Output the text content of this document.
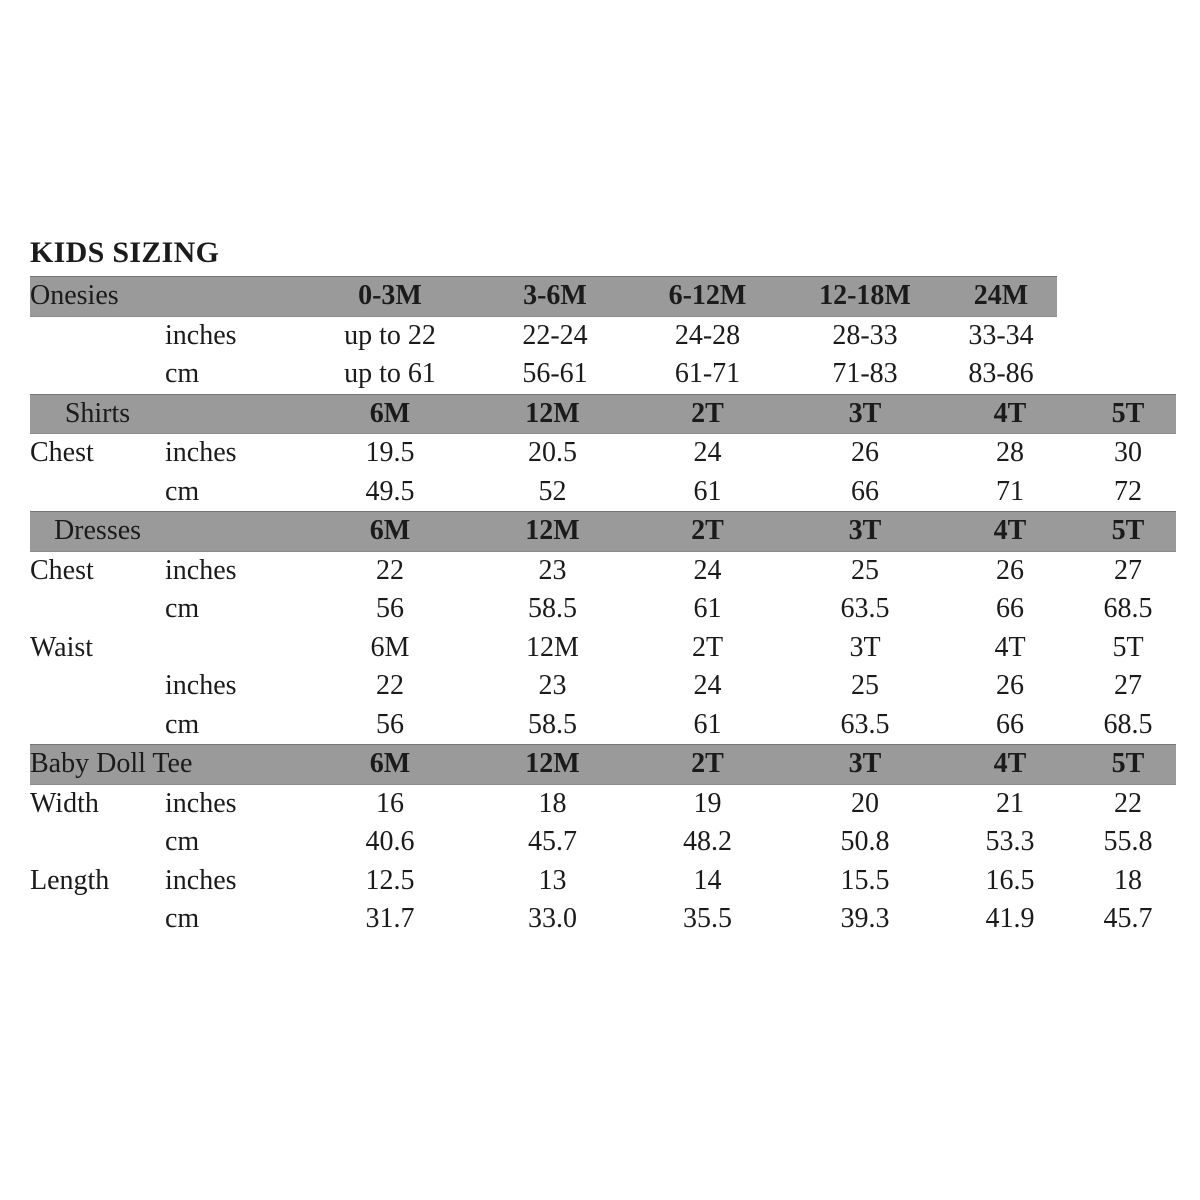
KIDS SIZING
Onesies		0-3M	3-6M	6-12M	12-18M	24M
	inches	up to 22	22-24	24-28	28-33	33-34
	cm	up to 61	56-61	61-71	71-83	83-86
Shirts		6M	12M	2T	3T	4T	5T
Chest	inches	19.5	20.5	24	26	28	30
	cm	49.5	52	61	66	71	72
Dresses		6M	12M	2T	3T	4T	5T
Chest	inches	22	23	24	25	26	27
	cm	56	58.5	61	63.5	66	68.5
Waist		6M	12M	2T	3T	4T	5T
	inches	22	23	24	25	26	27
	cm	56	58.5	61	63.5	66	68.5
Baby Doll Tee		6M	12M	2T	3T	4T	5T
Width	inches	16	18	19	20	21	22
	cm	40.6	45.7	48.2	50.8	53.3	55.8
Length	inches	12.5	13	14	15.5	16.5	18
	cm	31.7	33.0	35.5	39.3	41.9	45.7
